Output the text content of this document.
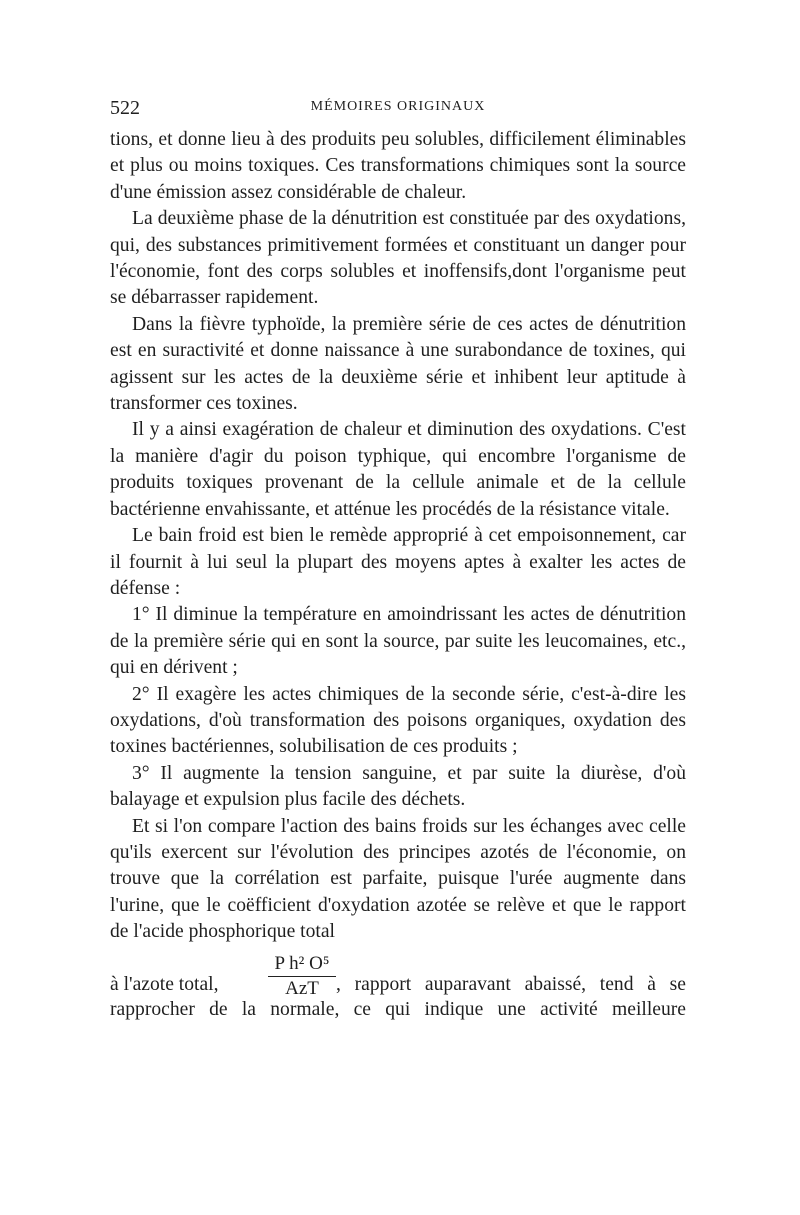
522	MÉMOIRES ORIGINAUX

tions, et donne lieu à des produits peu solubles, difficilement éliminables et plus ou moins toxiques. Ces transformations chimiques sont la source d'une émission assez considérable de chaleur.

La deuxième phase de la dénutrition est constituée par des oxydations, qui, des substances primitivement formées et constituant un danger pour l'économie, font des corps solubles et inoffensifs,dont l'organisme peut se débarrasser rapidement.

Dans la fièvre typhoïde, la première série de ces actes de dénutrition est en suractivité et donne naissance à une surabondance de toxines, qui agissent sur les actes de la deuxième série et inhibent leur aptitude à transformer ces toxines.

Il y a ainsi exagération de chaleur et diminution des oxydations. C'est la manière d'agir du poison typhique, qui encombre l'organisme de produits toxiques provenant de la cellule animale et de la cellule bactérienne envahissante, et atténue les procédés de la résistance vitale.

Le bain froid est bien le remède approprié à cet empoisonnement, car il fournit à lui seul la plupart des moyens aptes à exalter les actes de défense :

1° Il diminue la température en amoindrissant les actes de dénutrition de la première série qui en sont la source, par suite les leucomaines, etc., qui en dérivent ;

2° Il exagère les actes chimiques de la seconde série, c'est-à-dire les oxydations, d'où transformation des poisons organiques, oxydation des toxines bactériennes, solubilisation de ces produits ;

3° Il augmente la tension sanguine, et par suite la diurèse, d'où balayage et expulsion plus facile des déchets.

Et si l'on compare l'action des bains froids sur les échanges avec celle qu'ils exercent sur l'évolution des principes azotés de l'économie, on trouve que la corrélation est parfaite, puisque l'urée augmente dans l'urine, que le coëfficient d'oxydation azotée se relève et que le rapport de l'acide phosphorique total

à l'azote total,
P h² O⁵
AzT , rapport auparavant abaissé, tend à se

rapprocher de la normale, ce qui indique une activité meilleure
